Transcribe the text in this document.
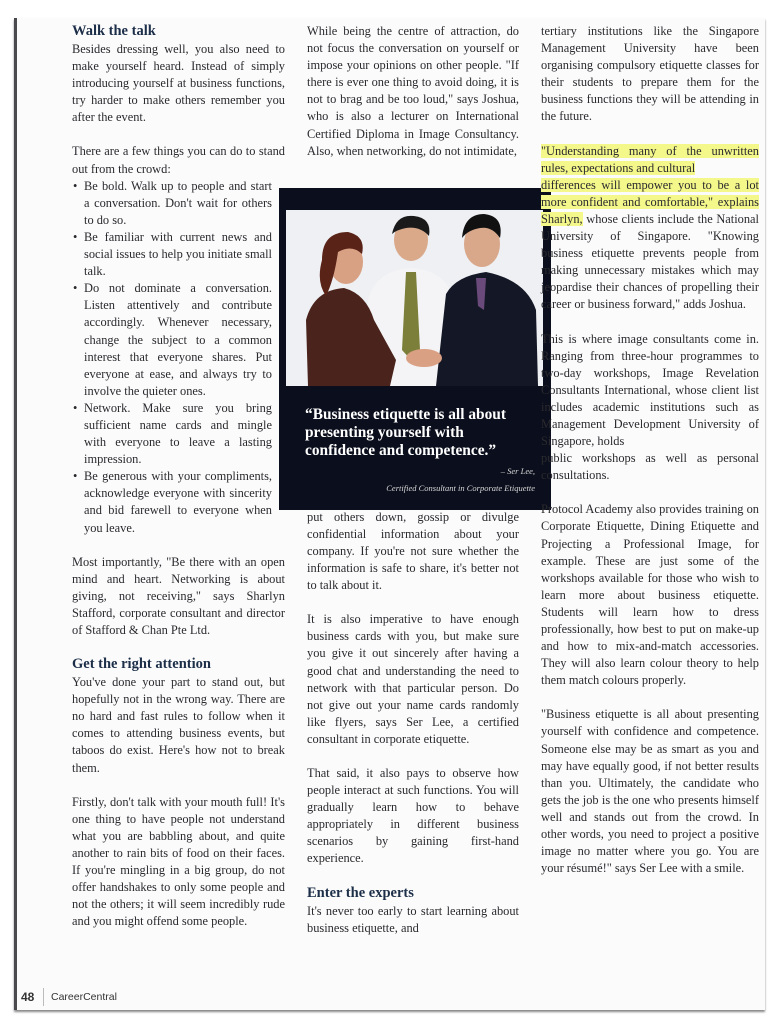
Walk the talk

Besides dressing well, you also need to make yourself heard. Instead of simply introducing yourself at business functions, try harder to make others remember you after the event.

There are a few things you can do to stand out from the crowd:

• Be bold. Walk up to people and start a conversation. Don't wait for others to do so.
• Be familiar with current news and social issues to help you initiate small talk.
• Do not dominate a conversation. Listen attentively and contribute accordingly. Whenever necessary, change the subject to a common interest that everyone shares. Put everyone at ease, and always try to involve the quieter ones.
• Network. Make sure you bring sufficient name cards and mingle with everyone to leave a lasting impression.
• Be generous with your compliments, acknowledge everyone with sincerity and bid farewell to everyone when you leave.

Most importantly, "Be there with an open mind and heart. Networking is about giving, not receiving," says Sharlyn Stafford, corporate consultant and director of Stafford & Chan Pte Ltd.

Get the right attention

You've done your part to stand out, but hopefully not in the wrong way. There are no hard and fast rules to follow when it comes to attending business events, but taboos do exist. Here's how not to break them.

Firstly, don't talk with your mouth full! It's one thing to have people not understand what you are babbling about, and quite another to rain bits of food on their faces. If you're mingling in a big group, do not offer handshakes to only some people and not the others; it will seem incredibly rude and you might offend some people.

While being the centre of attraction, do not focus the conversation on yourself or impose your opinions on other people. "If there is ever one thing to avoid doing, it is not to brag and be too loud," says Joshua, who is also a lecturer on International Certified Diploma in Image Consultancy. Also, when networking, do not intimidate,

put others down, gossip or divulge confidential information about your company. If you're not sure whether the information is safe to share, it's better not to talk about it.

It is also imperative to have enough business cards with you, but make sure you give it out sincerely after having a good chat and understanding the need to network with that particular person. Do not give out your name cards randomly like flyers, says Ser Lee, a certified consultant in corporate etiquette.

That said, it also pays to observe how people interact at such functions. You will gradually learn how to behave appropriately in different business scenarios by gaining first-hand experience.

Enter the experts

It's never too early to start learning about business etiquette, and

“Business etiquette is all about presenting yourself with confidence and competence.”
– Ser Lee,
Certified Consultant in Corporate Etiquette

tertiary institutions like the Singapore Management University have been organising compulsory etiquette classes for their students to prepare them for the business functions they will be attending in the future.

"Understanding many of the unwritten rules, expectations and cultural

differences will empower you to be a lot more confident and comfortable," explains Sharlyn, whose clients include the National University of Singapore. "Knowing business etiquette prevents people from making unnecessary mistakes which may jeopardise their chances of propelling their career or business forward," adds Joshua.

This is where image consultants come in. Ranging from three-hour programmes to two-day workshops, Image Revelation Consultants International, whose client list includes academic institutions such as Management Development University of Singapore, holds

public workshops as well as personal consultations.

Protocol Academy also provides training on Corporate Etiquette, Dining Etiquette and Projecting a Professional Image, for example. These are just some of the workshops available for those who wish to learn more about business etiquette. Students will learn how to dress professionally, how best to put on make-up and how to mix-and-match accessories. They will also learn colour theory to help them match colours properly.

"Business etiquette is all about presenting yourself with confidence and competence. Someone else may be as smart as you and may have equally good, if not better results than you. Ultimately, the candidate who gets the job is the one who presents himself well and stands out from the crowd. In other words, you need to project a positive image no matter where you go. You are your résumé!" says Ser Lee with a smile.

48 CareerCentral
